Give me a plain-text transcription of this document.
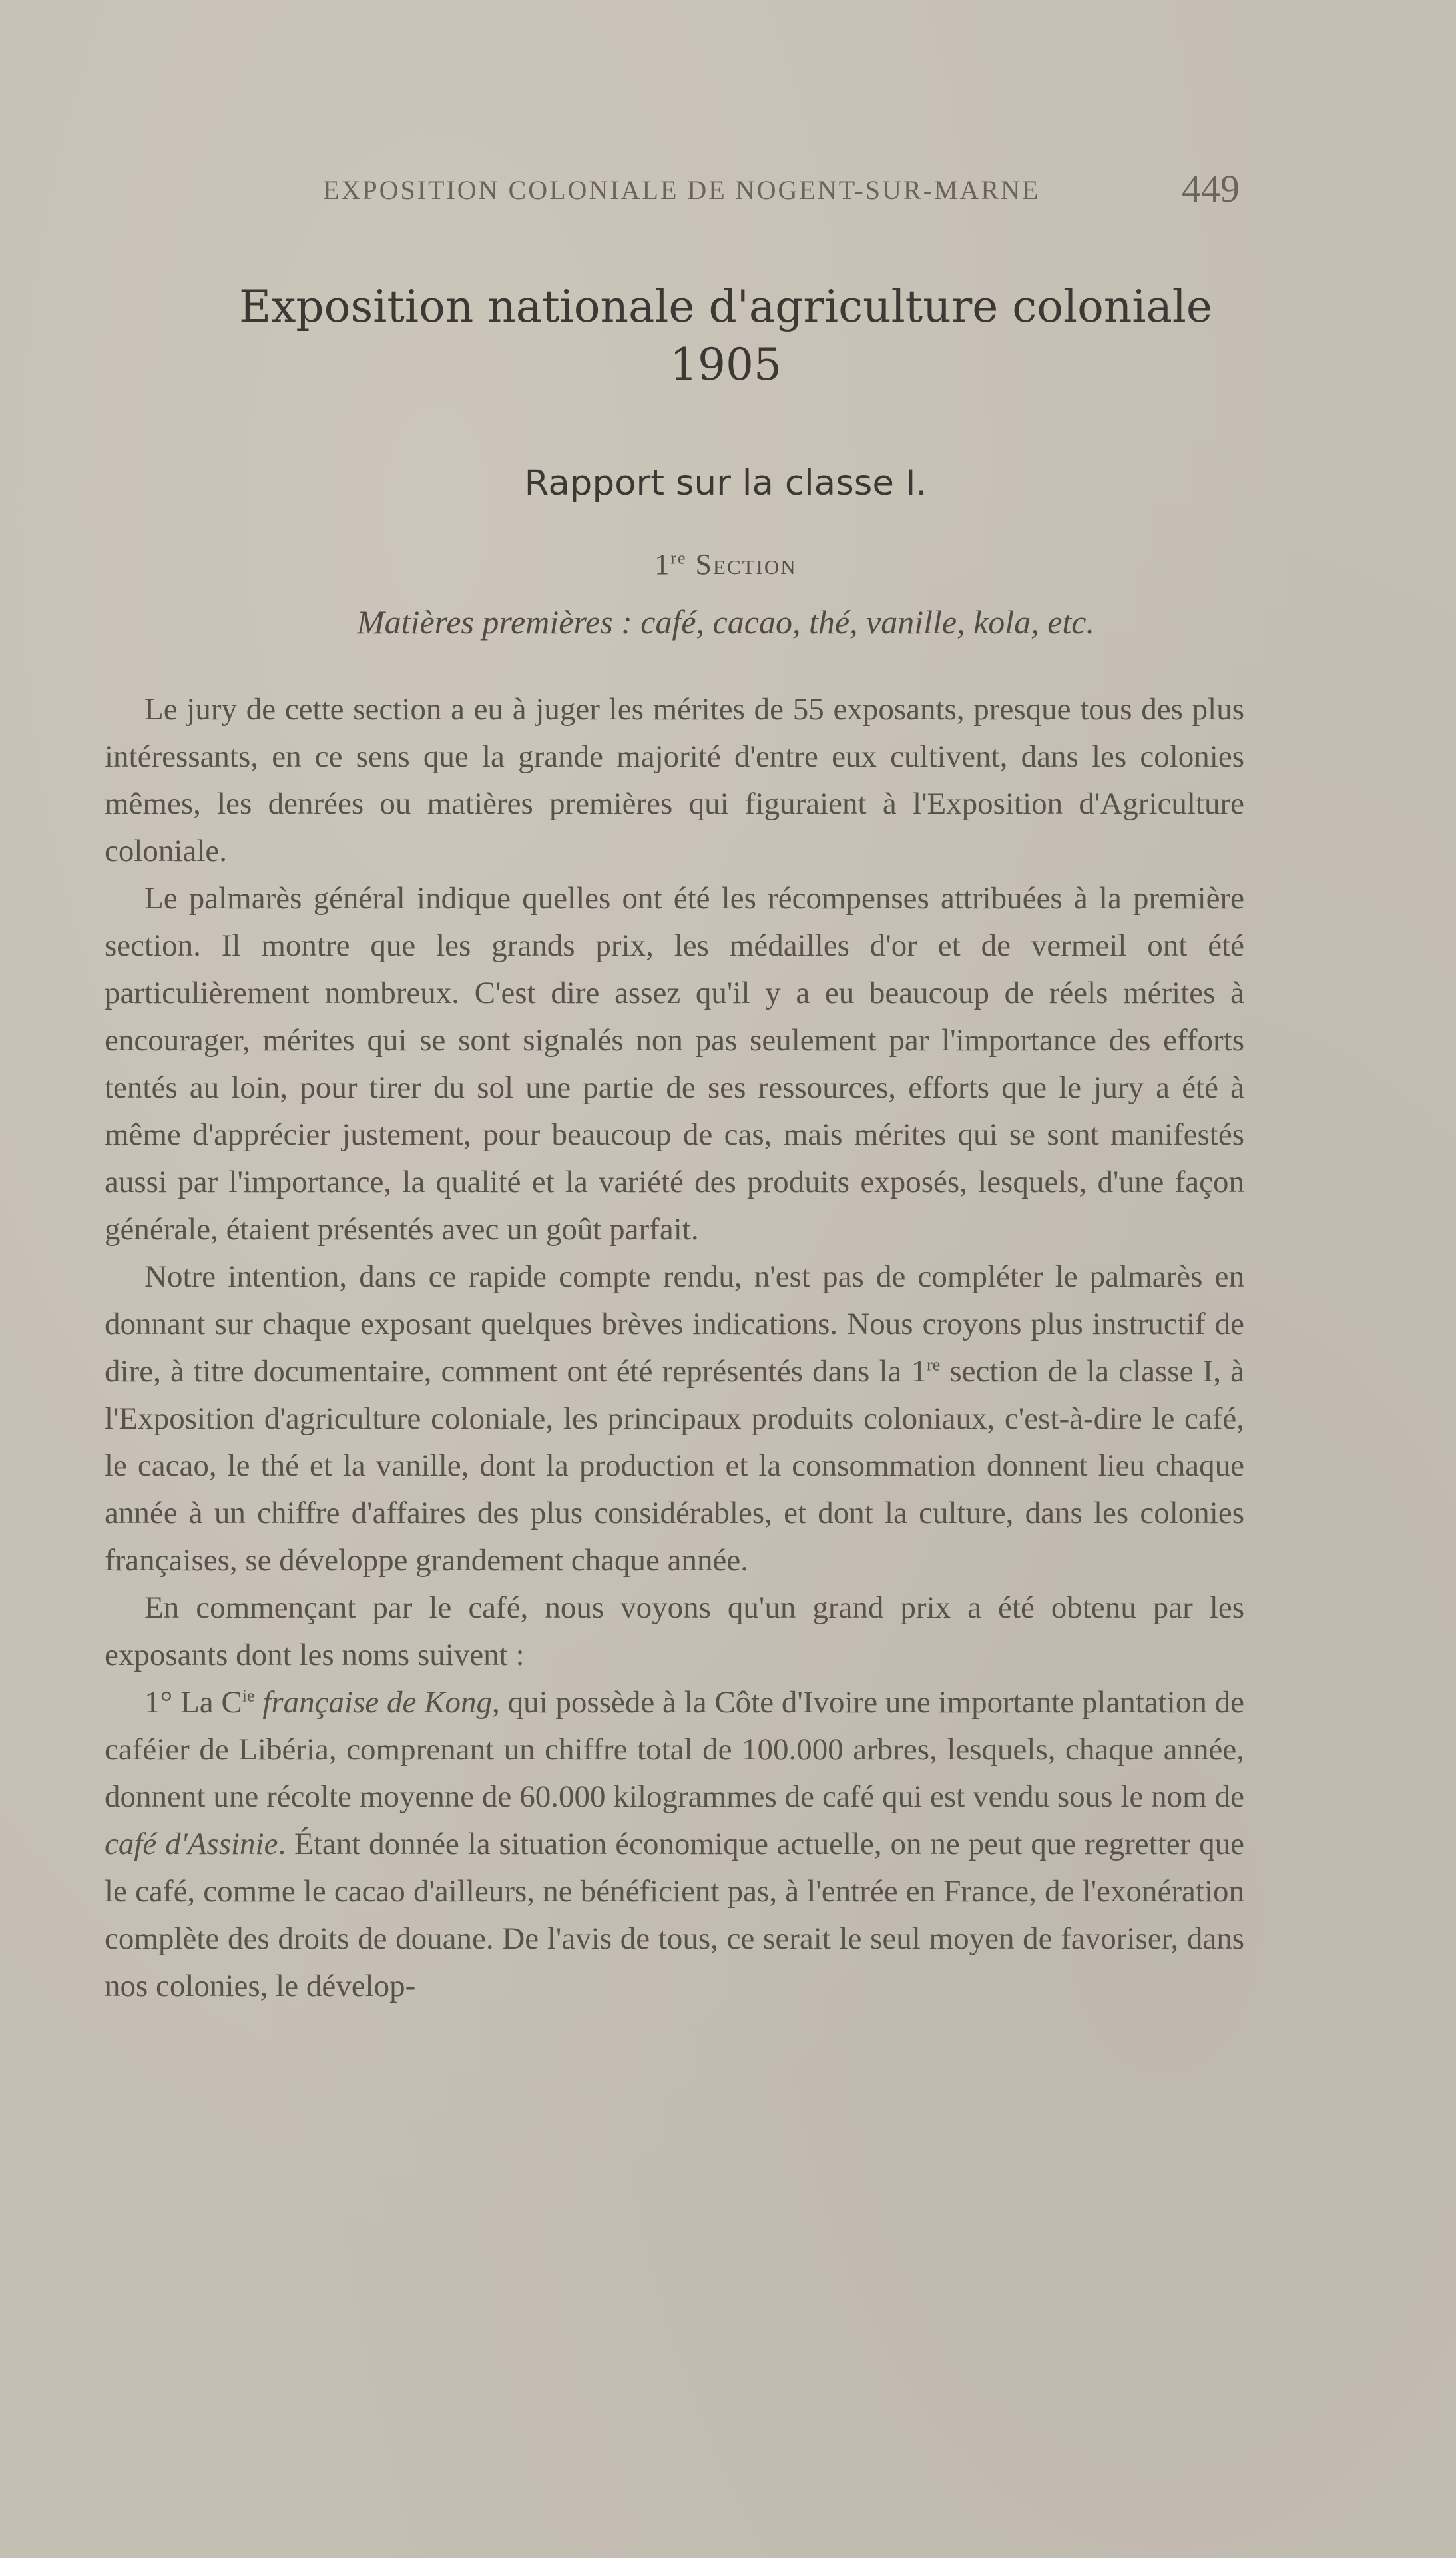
EXPOSITION COLONIALE DE NOGENT-SUR-MARNE	449
Exposition nationale d'agriculture coloniale
1905
Rapport sur la classe I.
1re Section
Matières premières : café, cacao, thé, vanille, kola, etc.

Le jury de cette section a eu à juger les mérites de 55 exposants, presque tous des plus intéressants, en ce sens que la grande majorité d'entre eux cultivent, dans les colonies mêmes, les denrées ou matières premières qui figuraient à l'Exposition d'Agriculture coloniale.

Le palmarès général indique quelles ont été les récompenses attribuées à la première section. Il montre que les grands prix, les médailles d'or et de vermeil ont été particulièrement nombreux. C'est dire assez qu'il y a eu beaucoup de réels mérites à encourager, mérites qui se sont signalés non pas seulement par l'importance des efforts tentés au loin, pour tirer du sol une partie de ses ressources, efforts que le jury a été à même d'apprécier justement, pour beaucoup de cas, mais mérites qui se sont manifestés aussi par l'importance, la qualité et la variété des produits exposés, lesquels, d'une façon générale, étaient présentés avec un goût parfait.

Notre intention, dans ce rapide compte rendu, n'est pas de compléter le palmarès en donnant sur chaque exposant quelques brèves indications. Nous croyons plus instructif de dire, à titre documentaire, comment ont été représentés dans la 1re section de la classe I, à l'Exposition d'agriculture coloniale, les principaux produits coloniaux, c'est-à-dire le café, le cacao, le thé et la vanille, dont la production et la consommation donnent lieu chaque année à un chiffre d'affaires des plus considérables, et dont la culture, dans les colonies françaises, se développe grandement chaque année.

En commençant par le café, nous voyons qu'un grand prix a été obtenu par les exposants dont les noms suivent :

1° La $C^{ie}$ française de Kong, qui possède à la Côte d'Ivoire une importante plantation de caféier de Libéria, comprenant un chiffre total de 100.000 arbres, lesquels, chaque année, donnent une récolte moyenne de 60.000 kilogrammes de café qui est vendu sous le nom de café d'Assinie. Étant donnée la situation économique actuelle, on ne peut que regretter que le café, comme le cacao d'ailleurs, ne bénéficient pas, à l'entrée en France, de l'exonération complète des droits de douane. De l'avis de tous, ce serait le seul moyen de favoriser, dans nos colonies, le dévelop-
